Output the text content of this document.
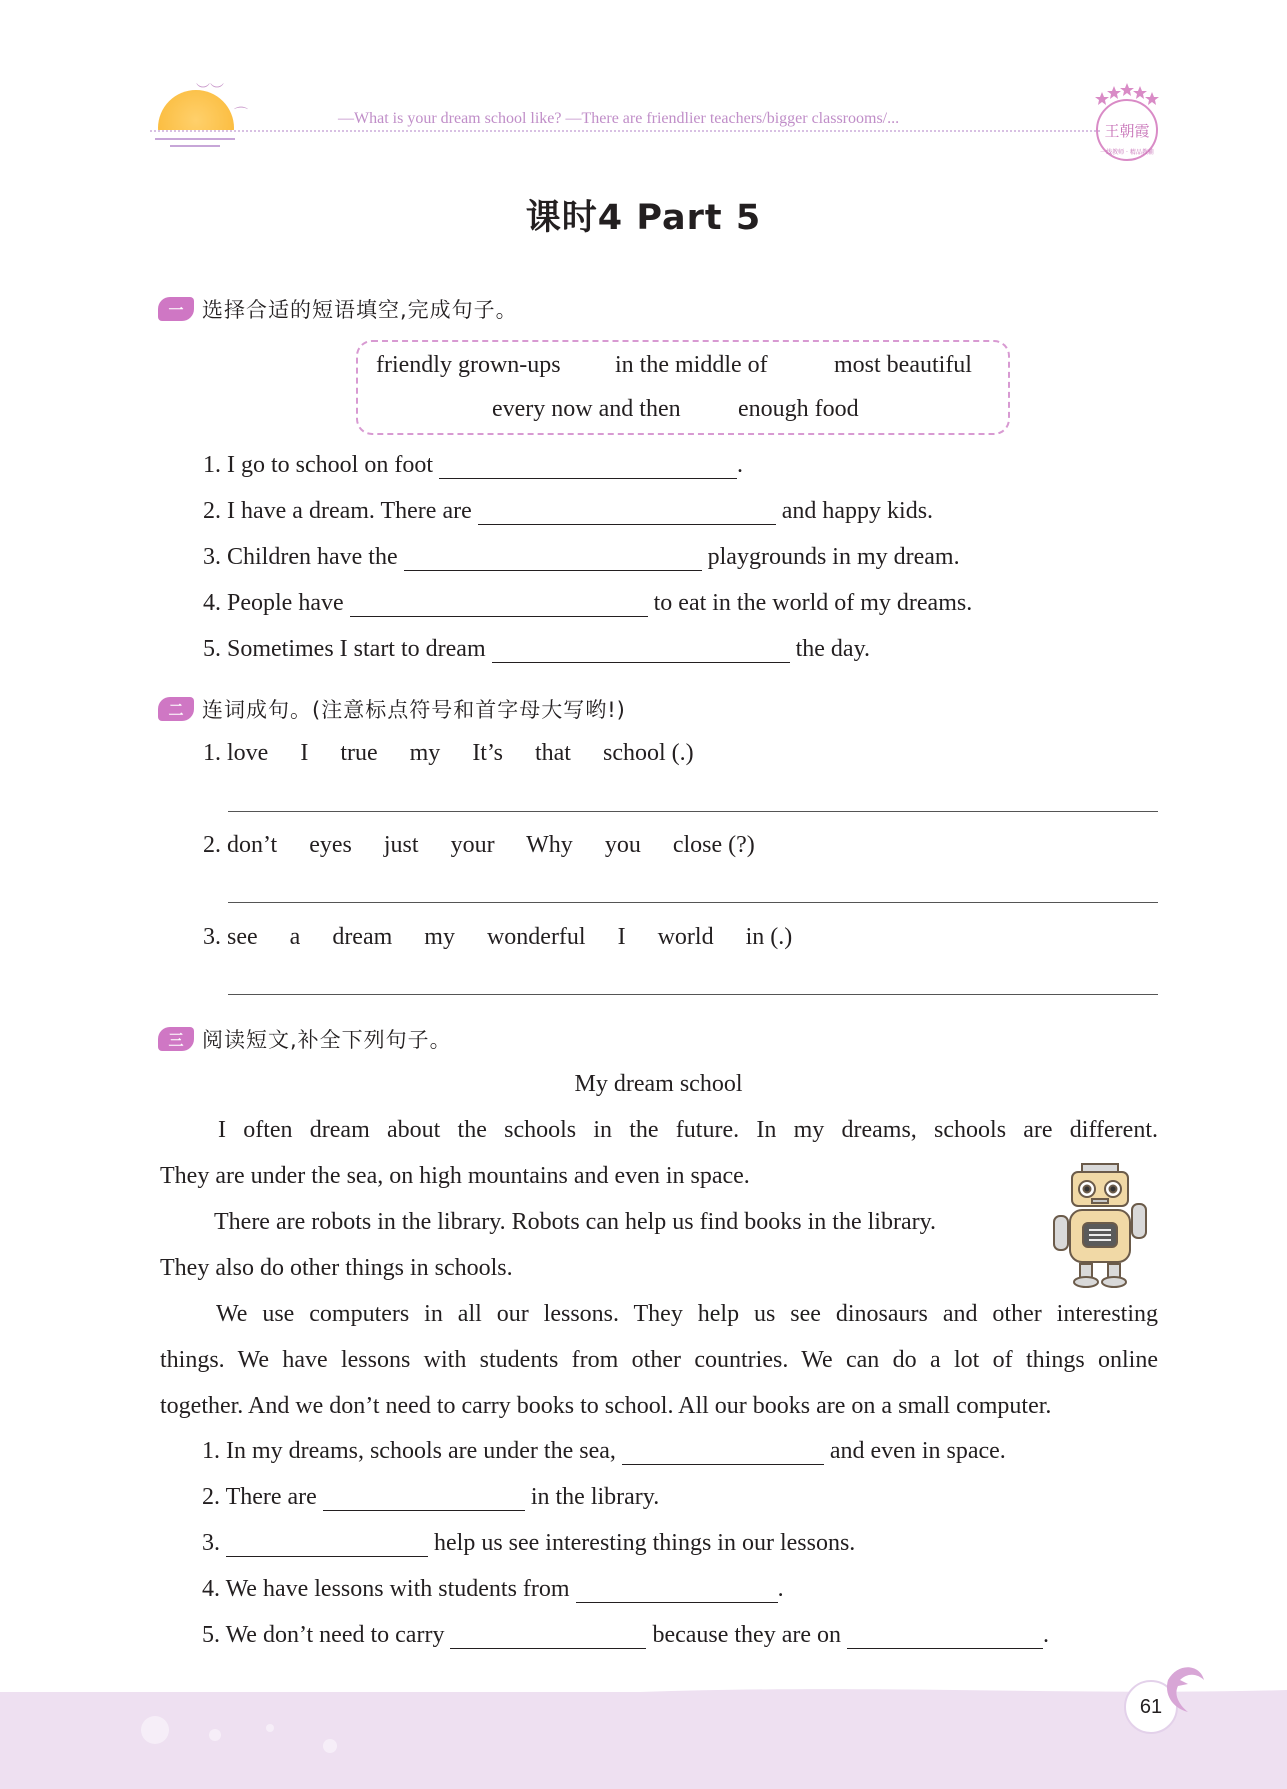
︶︶
⌒	—What is your dream school like? —There are friendlier teachers/bigger classrooms/...
王朝霞
一线教师 · 精品教辅
课时4 Part 5
一 选择合适的短语填空,完成句子。
friendly grown-ups in the middle of	most beautiful
every now and then enough food
1. I go to school on foot	.
2. I have a dream. There are	and happy kids.
3. Children have the	playgrounds in my dream.
4. People have	to eat in the world of my dreams.
5. Sometimes I start to dream	the day.
二 连词成句。(注意标点符号和首字母大写哟!)
1. love I true my It’s that school (.)
2. don’t eyes just your Why you close (?)
3. see a dream my wonderful I world in (.)
三 阅读短文,补全下列句子。
My dream school
I often dream about the schools in the future. In my dreams, schools are different.
They are under the sea, on high mountains and even in space.
There are robots in the library. Robots can help us find books in the library.
They also do other things in schools.
We use computers in all our lessons. They help us see dinosaurs and other interesting
things. We have lessons with students from other countries. We can do a lot of things online
together. And we don’t need to carry books to school. All our books are on a small computer.
1. In my dreams, schools are under the sea,	and even in space.
2. There are	in the library.
3.	help us see interesting things in our lessons.
4. We have lessons with students from	.
5. We don’t need to carry	because they are on	.
61
